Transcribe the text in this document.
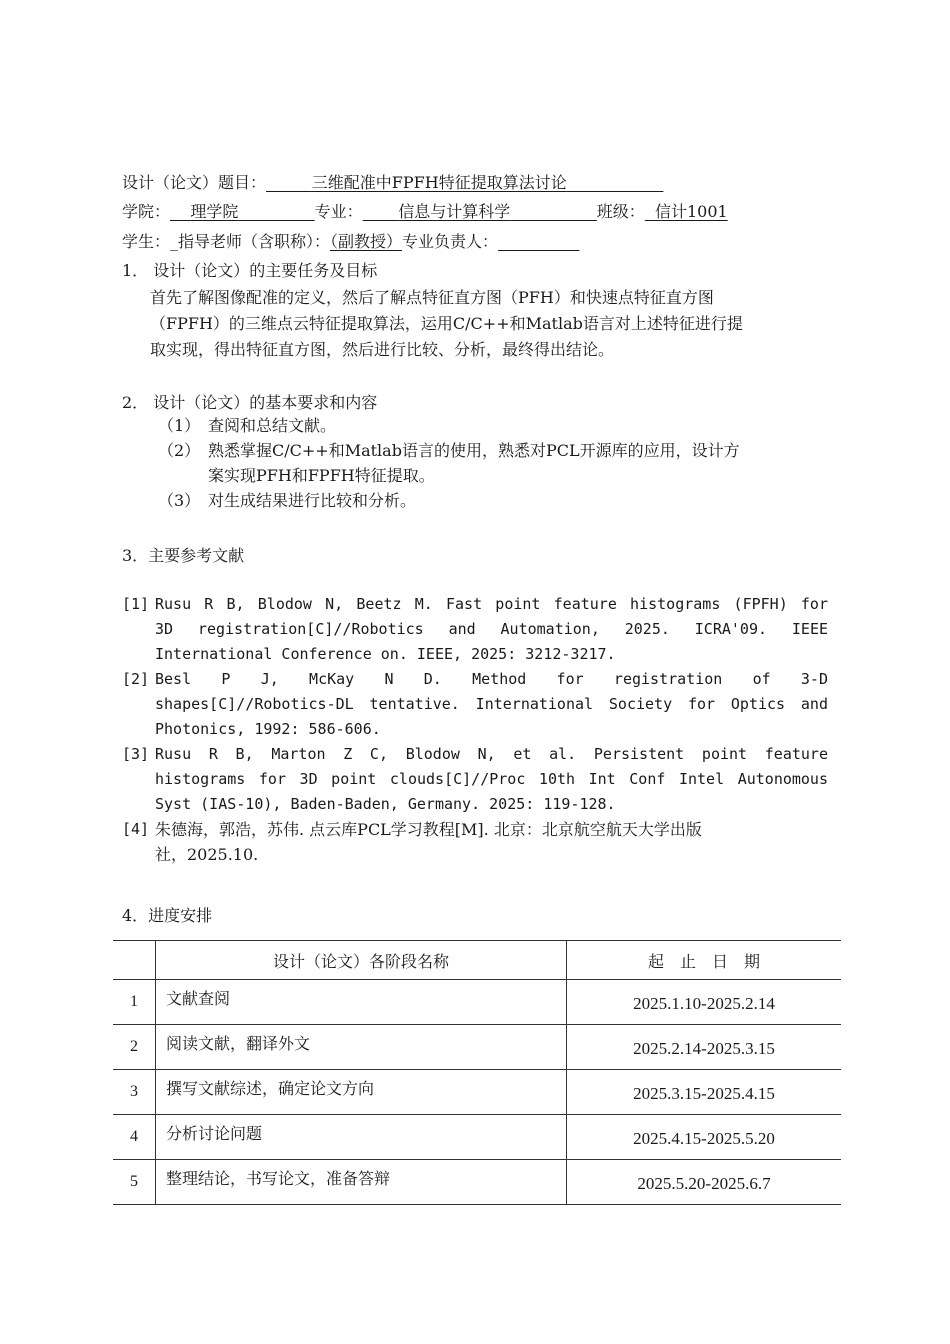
设计（论文）题目：	三维配准中FPFH特征提取算法讨论
学院： 理学院	专业： 信息与计算科学	班级： 信计1001
学生：_指导老师（含职称）：（副教授）专业负责人：
1． 设计（论文）的主要任务及目标
首先了解图像配准的定义，然后了解点特征直方图（PFH）和快速点特征直方图
（FPFH）的三维点云特征提取算法，运用C/C++和Matlab语言对上述特征进行提
取实现，得出特征直方图，然后进行比较、分析，最终得出结论。
2． 设计（论文）的基本要求和内容
（1） 查阅和总结文献。
（2） 熟悉掌握C/C++和Matlab语言的使用，熟悉对PCL开源库的应用，设计方
案实现PFH和FPFH特征提取。
（3） 对生成结果进行比较和分析。
3．主要参考文献
[1] Rusu R B, Blodow N, Beetz M. Fast point feature histograms (FPFH) for
3D registration[C]//Robotics and Automation, 2025. ICRA'09. IEEE
International Conference on. IEEE, 2025: 3212-3217.
[2] Besl P J, McKay N D. Method for registration of 3-D
shapes[C]//Robotics-DL tentative. International Society for Optics and
Photonics, 1992: 586-606.
[3] Rusu R B, Marton Z C, Blodow N, et al. Persistent point feature
histograms for 3D point clouds[C]//Proc 10th Int Conf Intel Autonomous
Syst (IAS-10), Baden-Baden, Germany. 2025: 119-128.
[4] 朱德海，郭浩，苏伟. 点云库PCL学习教程[M]. 北京：北京航空航天大学出版
社，2025.10.
4．进度安排
	设计（论文）各阶段名称	起　止　日　期
1	文献查阅	2025.1.10-2025.2.14
2	阅读文献，翻译外文	2025.2.14-2025.3.15
3	撰写文献综述，确定论文方向	2025.3.15-2025.4.15
4	分析讨论问题	2025.4.15-2025.5.20
5	整理结论，书写论文，准备答辩	2025.5.20-2025.6.7
